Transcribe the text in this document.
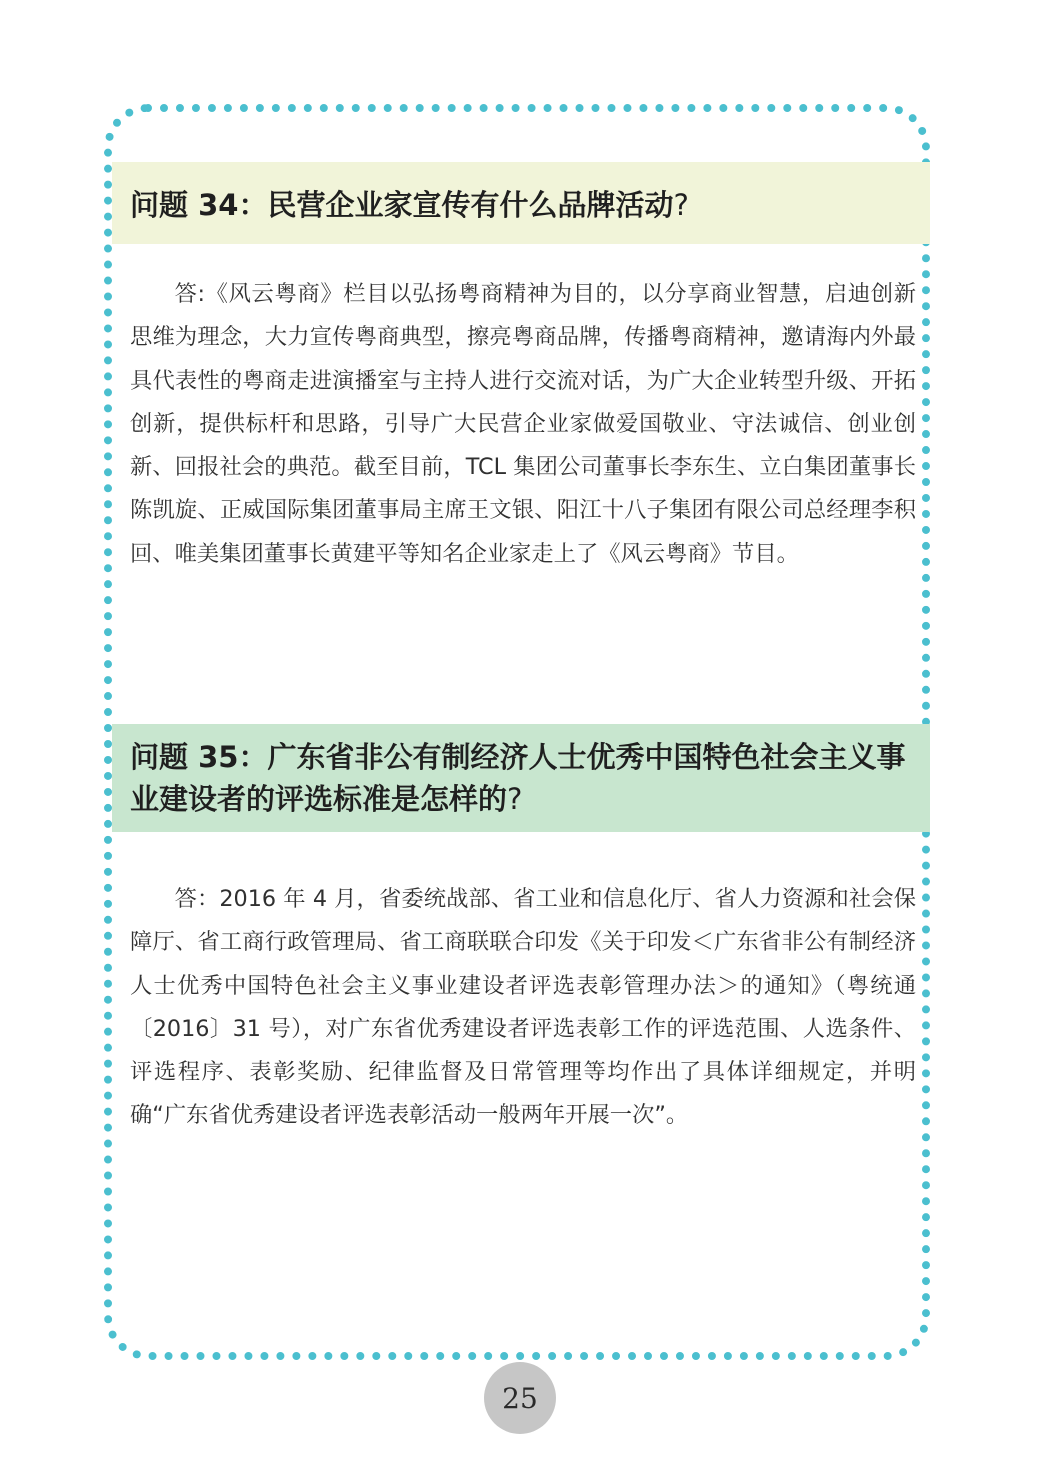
问题 34：民营企业家宣传有什么品牌活动?

答:《风云粤商》栏目以弘扬粤商精神为目的，以分享商业智慧，启迪创新思维为理念，大力宣传粤商典型，擦亮粤商品牌，传播粤商精神，邀请海内外最具代表性的粤商走进演播室与主持人进行交流对话，为广大企业转型升级、开拓创新，提供标杆和思路，引导广大民营企业家做爱国敬业、守法诚信、创业创新、回报社会的典范。截至目前，TCL 集团公司董事长李东生、立白集团董事长陈凯旋、正威国际集团董事局主席王文银、阳江十八子集团有限公司总经理李积回、唯美集团董事长黄建平等知名企业家走上了《风云粤商》节目。

问题 35：广东省非公有制经济人士优秀中国特色社会主义事业建设者的评选标准是怎样的?

答：2016 年 4 月，省委统战部、省工业和信息化厅、省人力资源和社会保障厅、省工商行政管理局、省工商联联合印发《关于印发＜广东省非公有制经济人士优秀中国特色社会主义事业建设者评选表彰管理办法＞的通知》（粤统通〔2016〕31 号），对广东省优秀建设者评选表彰工作的评选范围、人选条件、评选程序、表彰奖励、纪律监督及日常管理等均作出了具体详细规定，并明确“广东省优秀建设者评选表彰活动一般两年开展一次”。

25
